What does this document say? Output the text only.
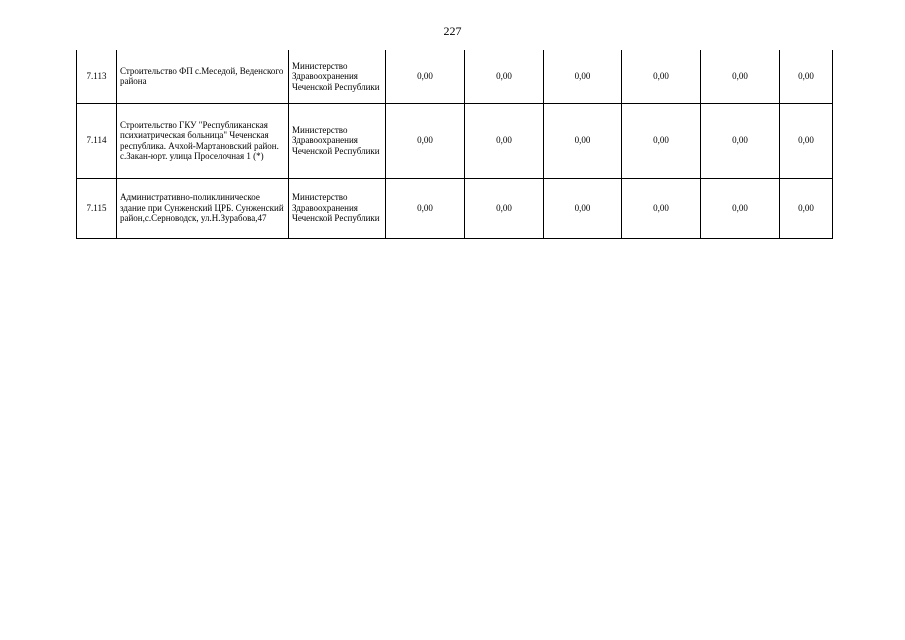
227
7.113	Строительство ФП с.Меседой, Веденского района	Министерство Здравоохранения Чеченской Республики	0,00	0,00	0,00	0,00	0,00	0,00
7.114	Строительство ГКУ "Республиканская психиатрическая больница" Чеченская республика. Ачхой-Мартановский район. с.Закан-юрт. улица Проселочная 1 (*)	Министерство Здравоохранения Чеченской Республики	0,00	0,00	0,00	0,00	0,00	0,00
7.115	Административно-поликлиническое здание при Сунженский ЦРБ. Сунженский район,с.Серноводск, ул.Н.Зурабова,47	Министерство Здравоохранения Чеченской Республики	0,00	0,00	0,00	0,00	0,00	0,00
